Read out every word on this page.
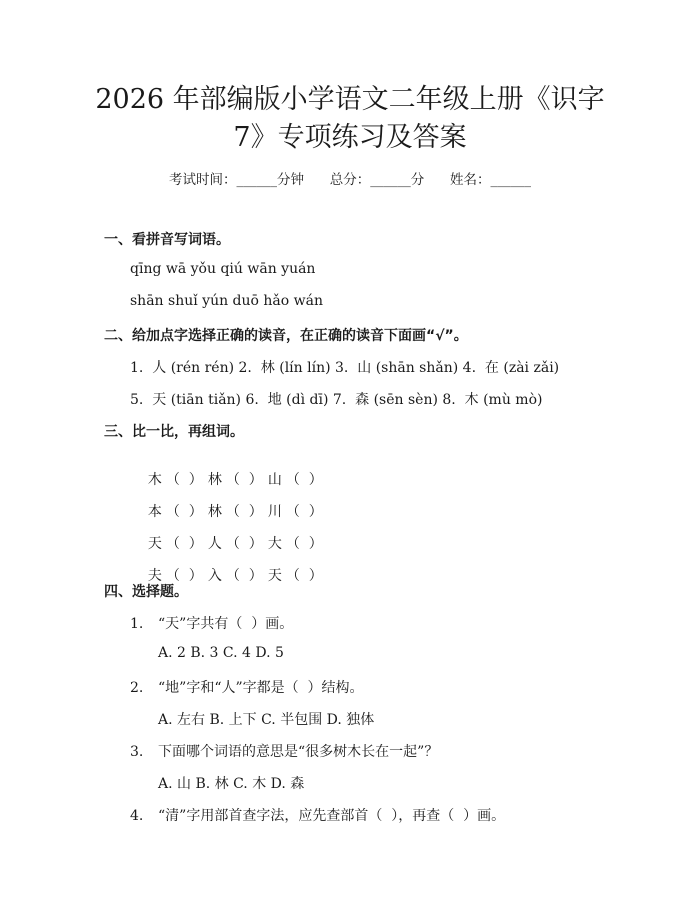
2026 年部编版小学语文二年级上册《识字
7》专项练习及答案
考试时间：______分钟      总分：______分      姓名：______
一、看拼音写词语。
qīng wā yǒu qiú wān yuán
shān shuǐ yún duō hǎo wán
二、给加点字选择正确的读音，在正确的读音下面画“√”。
1.  人 (rén rén) 2.  林 (lín lín) 3.  山 (shān shǎn) 4.  在 (zài zǎi)
5.  天 (tiān tiǎn) 6.  地 (dì dī) 7.  森 (sēn sèn) 8.  木 (mù mò)
三、比一比，再组词。

木 （  ） 林 （  ） 山 （  ）

本 （  ） 林 （  ） 川 （  ）

天 （  ） 人 （  ） 大 （  ）

夫 （  ） 入 （  ） 天 （  ）

四、选择题。
1. “天”字共有（  ）画。
A. 2 B. 3 C. 4 D. 5
2. “地”字和“人”字都是（  ）结构。
A. 左右 B. 上下 C. 半包围 D. 独体
3. 下面哪个词语的意思是“很多树木长在一起”？
A. 山 B. 林 C. 木 D. 森
4. “清”字用部首查字法，应先查部首（  ），再查（  ）画。
